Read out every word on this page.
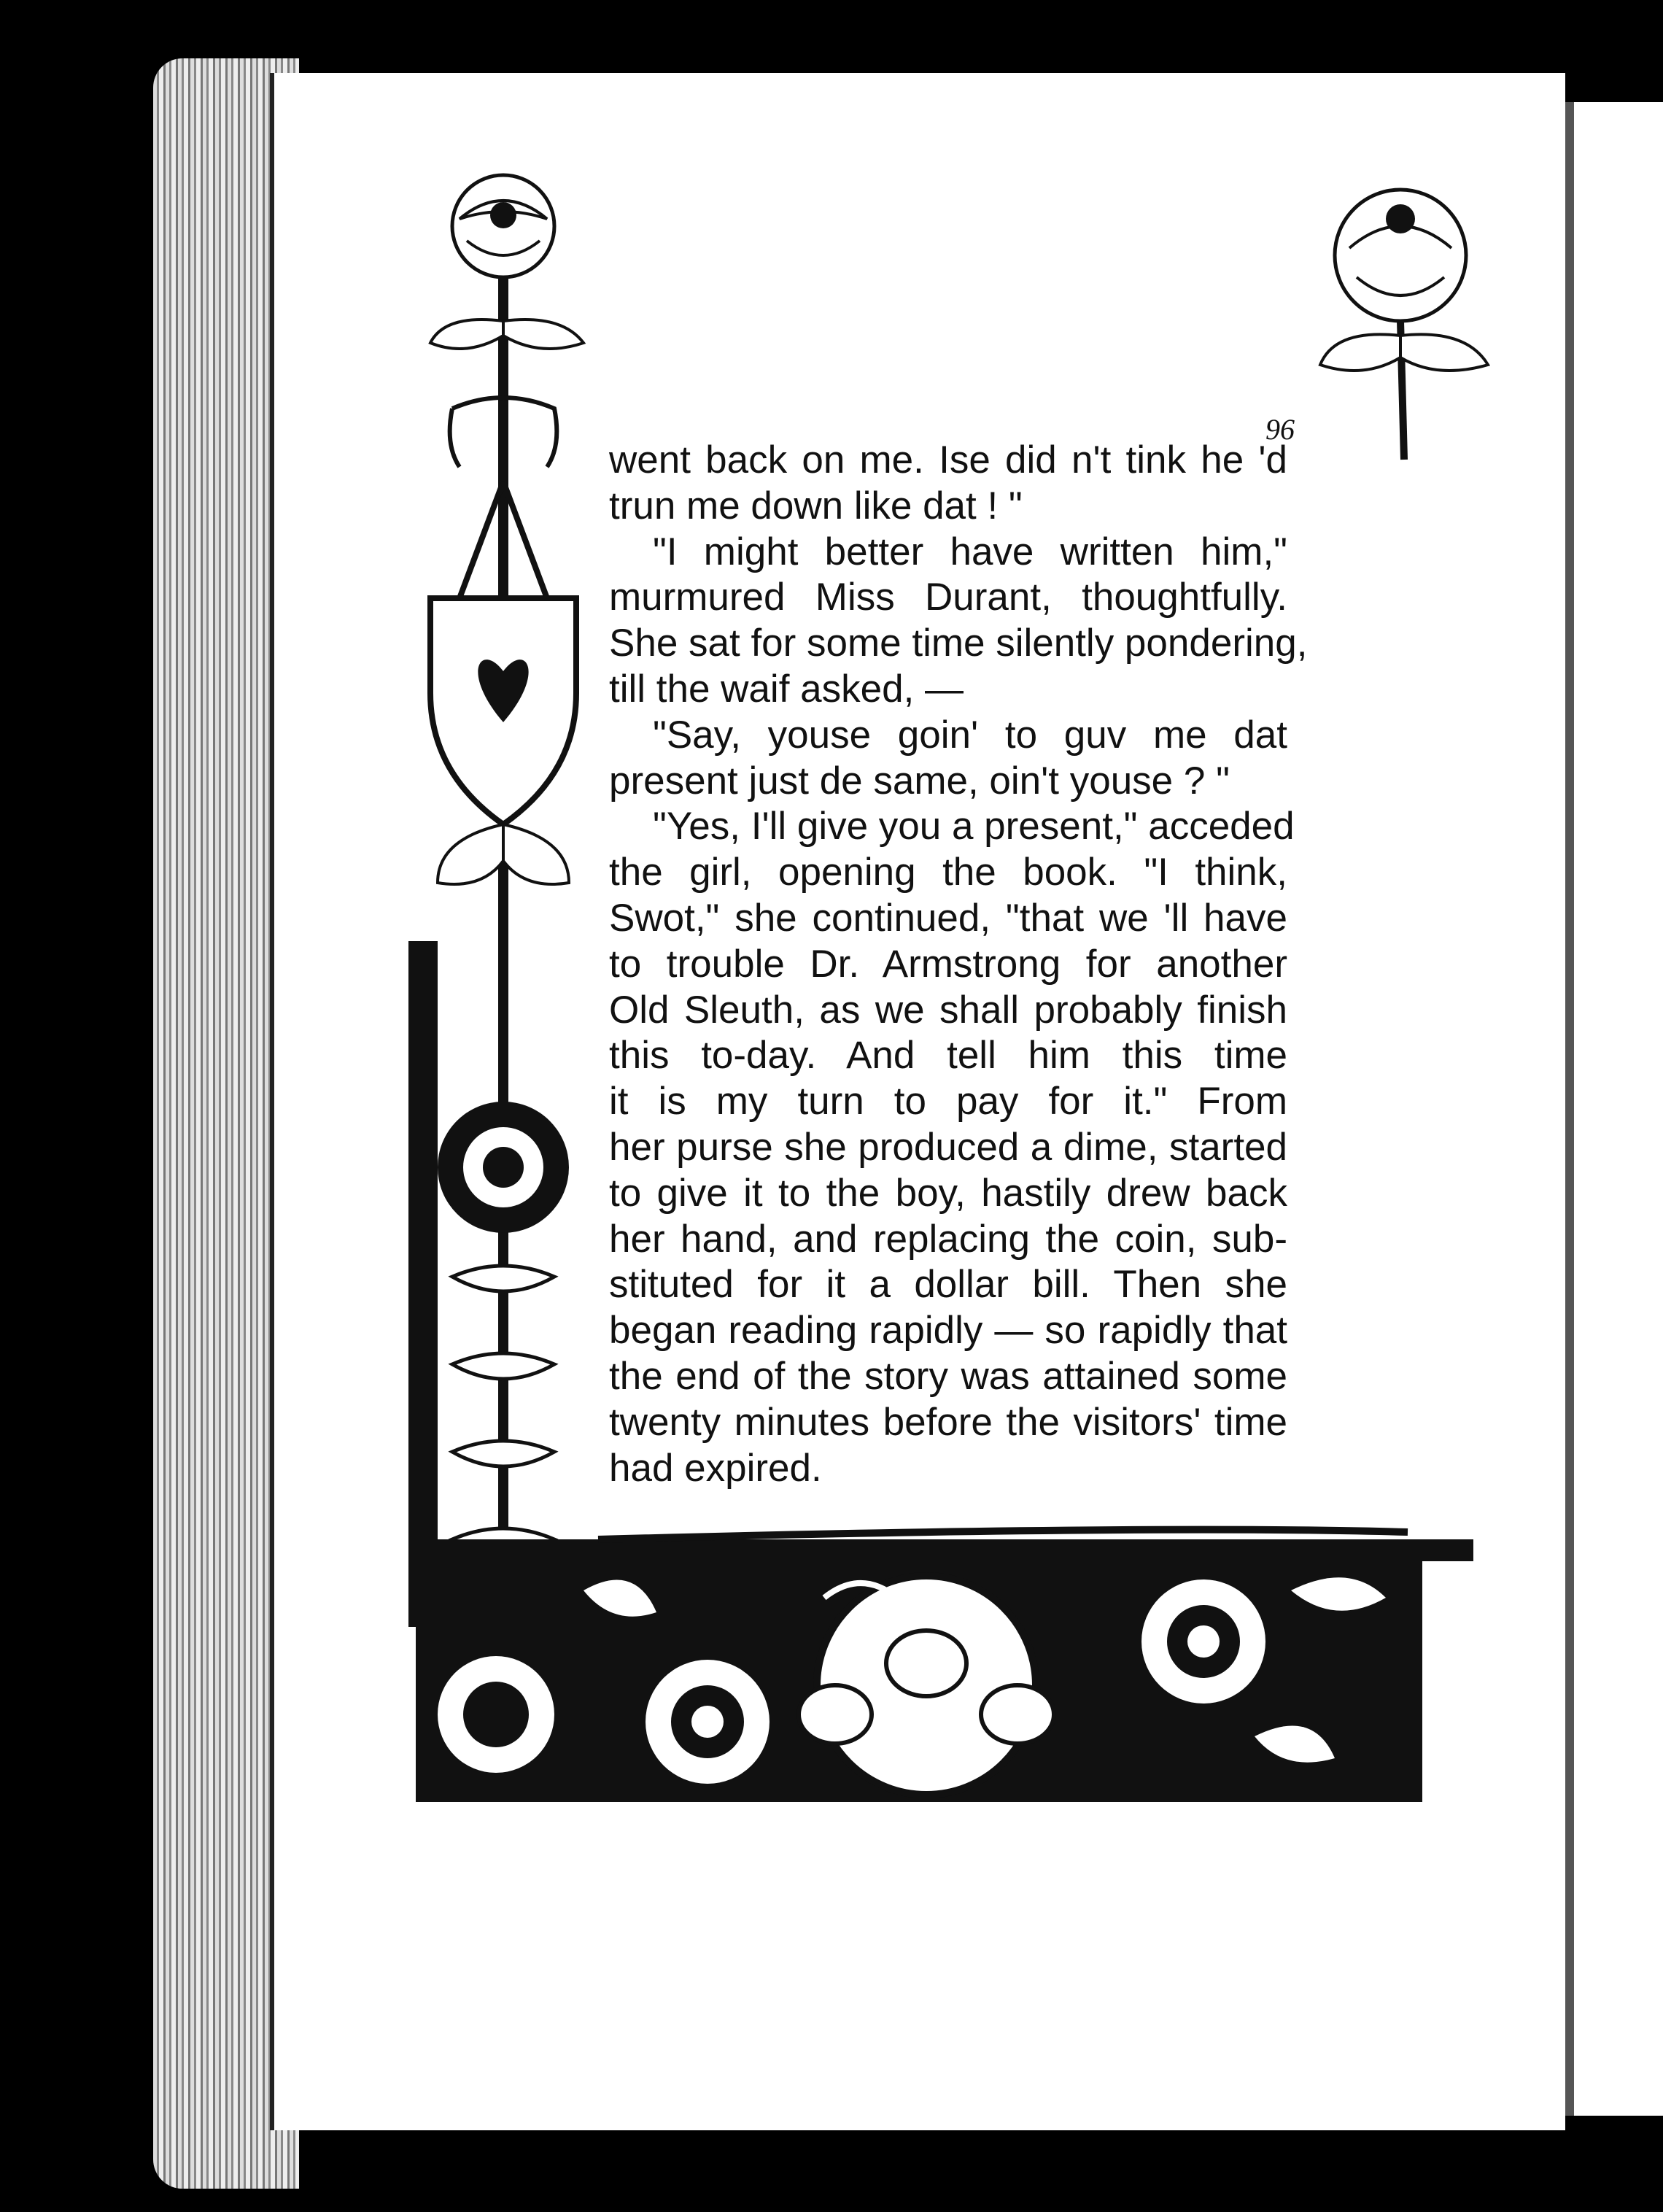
96

went back on me. Ise did n't tink he 'd
trun me down like dat ! "
"I might better have written him,"
murmured Miss Durant, thoughtfully.
She sat for some time silently pondering,
till the waif asked, —
"Say, youse goin' to guv me dat
present just de same, oin't youse ? "
"Yes, I'll give you a present," acceded
the girl, opening the book. "I think,
Swot," she continued, "that we 'll have
to trouble Dr. Armstrong for another
Old Sleuth, as we shall probably finish
this to-day. And tell him this time
it is my turn to pay for it." From
her purse she produced a dime, started
to give it to the boy, hastily drew back
her hand, and replacing the coin, sub-
stituted for it a dollar bill. Then she
began reading rapidly — so rapidly that
the end of the story was attained some
twenty minutes before the visitors' time
had expired.
